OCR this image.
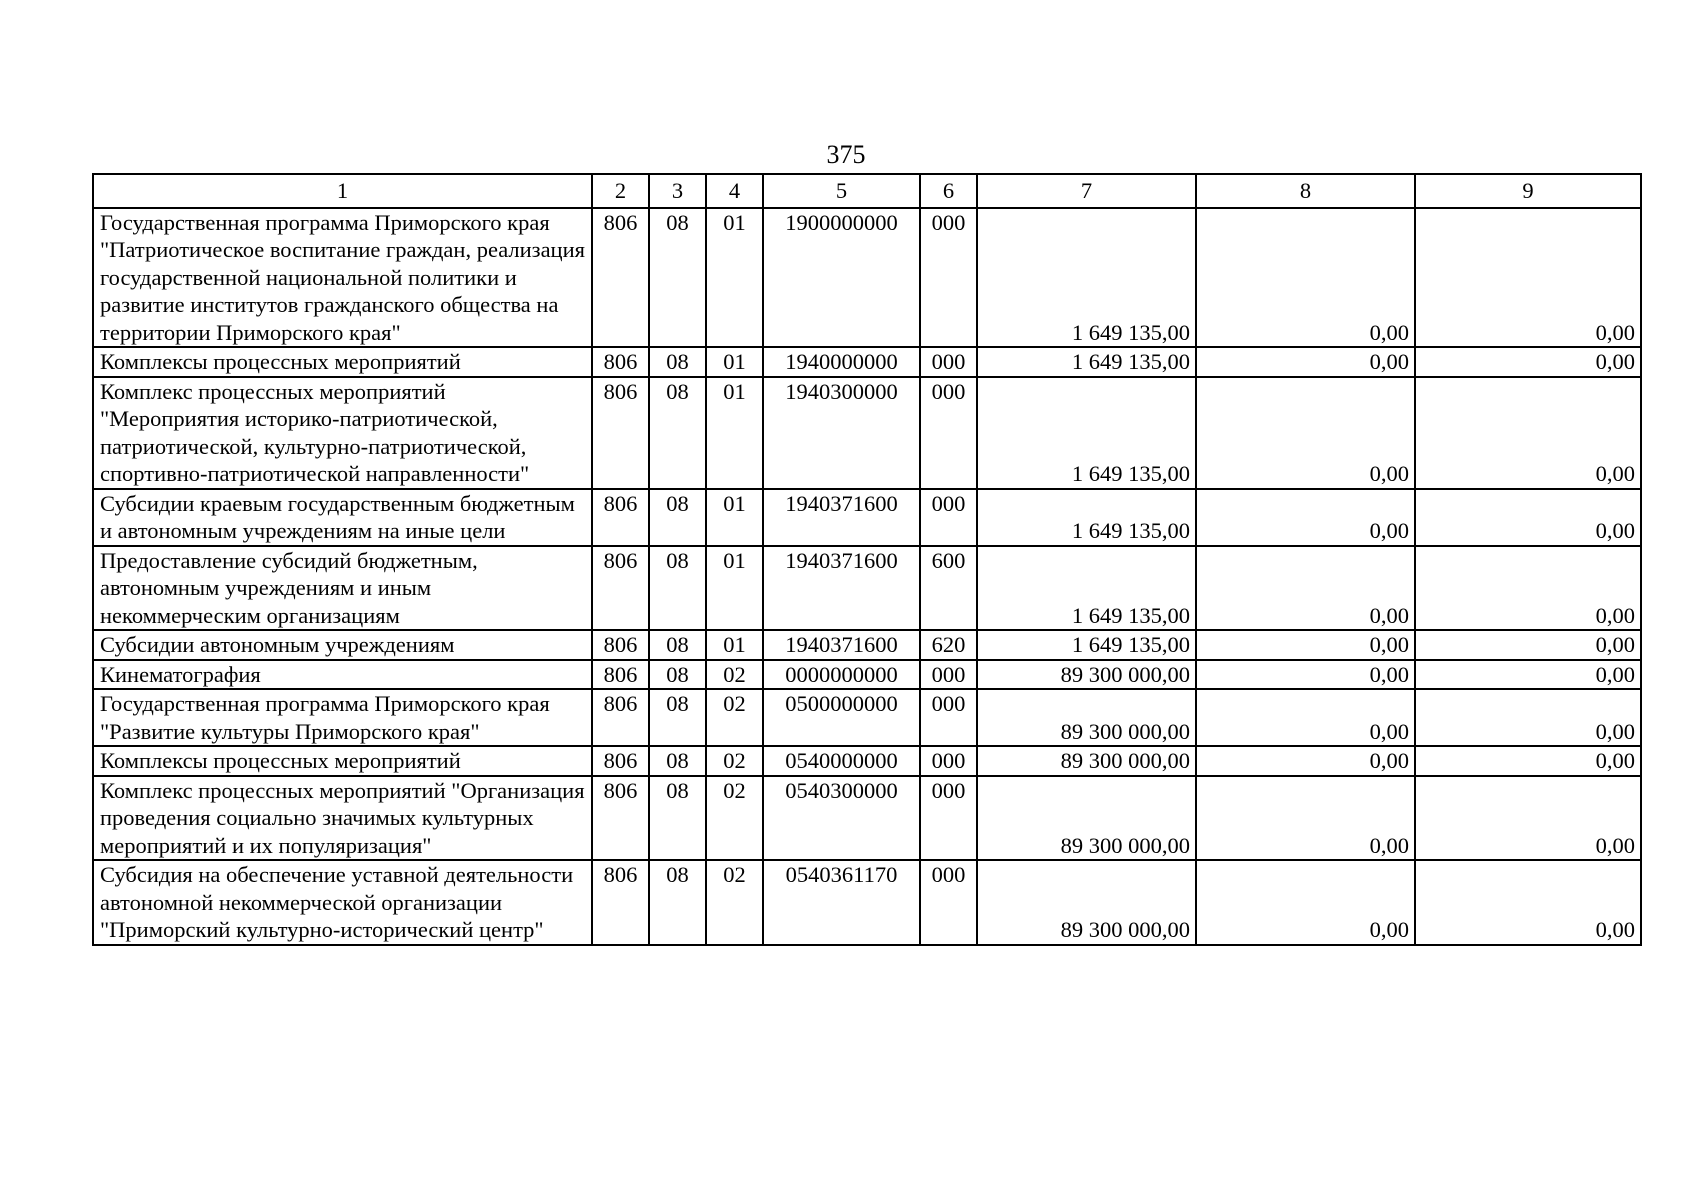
375
1	2	3	4	5	6	7	8	9
Государственная программа Приморского края "Патриотическое воспитание граждан, реализация государственной национальной политики и развитие институтов гражданского общества на территории Приморского края"	806	08	01	1900000000	000	1 649 135,00	0,00	0,00
Комплексы процессных мероприятий	806	08	01	1940000000	000	1 649 135,00	0,00	0,00
Комплекс процессных мероприятий "Мероприятия историко-патриотической, патриотической, культурно-патриотической, спортивно-патриотической направленности"	806	08	01	1940300000	000	1 649 135,00	0,00	0,00
Субсидии краевым государственным бюджетным и автономным учреждениям на иные цели	806	08	01	1940371600	000	1 649 135,00	0,00	0,00
Предоставление субсидий бюджетным, автономным учреждениям и иным некоммерческим организациям	806	08	01	1940371600	600	1 649 135,00	0,00	0,00
Субсидии автономным учреждениям	806	08	01	1940371600	620	1 649 135,00	0,00	0,00
Кинематография	806	08	02	0000000000	000	89 300 000,00	0,00	0,00
Государственная программа Приморского края "Развитие культуры Приморского края"	806	08	02	0500000000	000	89 300 000,00	0,00	0,00
Комплексы процессных мероприятий	806	08	02	0540000000	000	89 300 000,00	0,00	0,00
Комплекс процессных мероприятий "Организация проведения социально значимых культурных мероприятий и их популяризация"	806	08	02	0540300000	000	89 300 000,00	0,00	0,00
Субсидия на обеспечение уставной деятельности автономной некоммерческой организации "Приморский культурно-исторический центр"	806	08	02	0540361170	000	89 300 000,00	0,00	0,00
